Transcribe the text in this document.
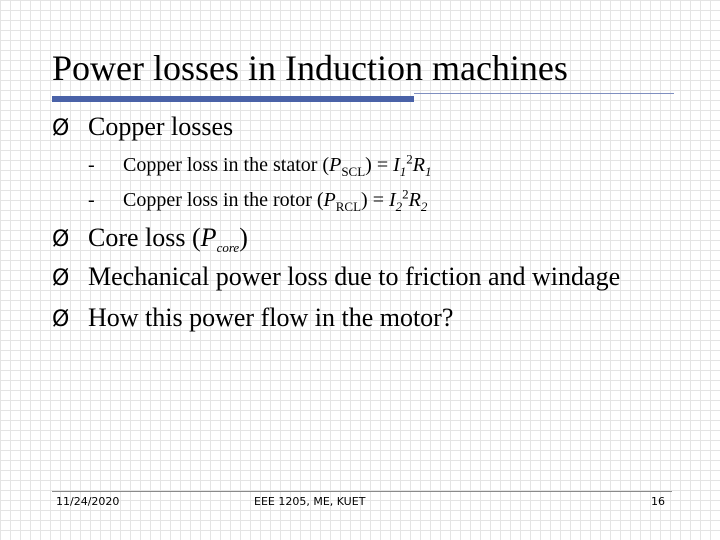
Power losses in Induction machines
Ø Copper losses
- Copper loss in the stator $(P_{SCL}) = I_1^2R_1$
- Copper loss in the rotor $(P_{RCL}) = I_2^2R_2$
Ø Core loss $(P_{core})$
Ø Mechanical power loss due to friction and windage
Ø How this power flow in the motor?
11/24/2020	EEE 1205, ME, KUET	16
